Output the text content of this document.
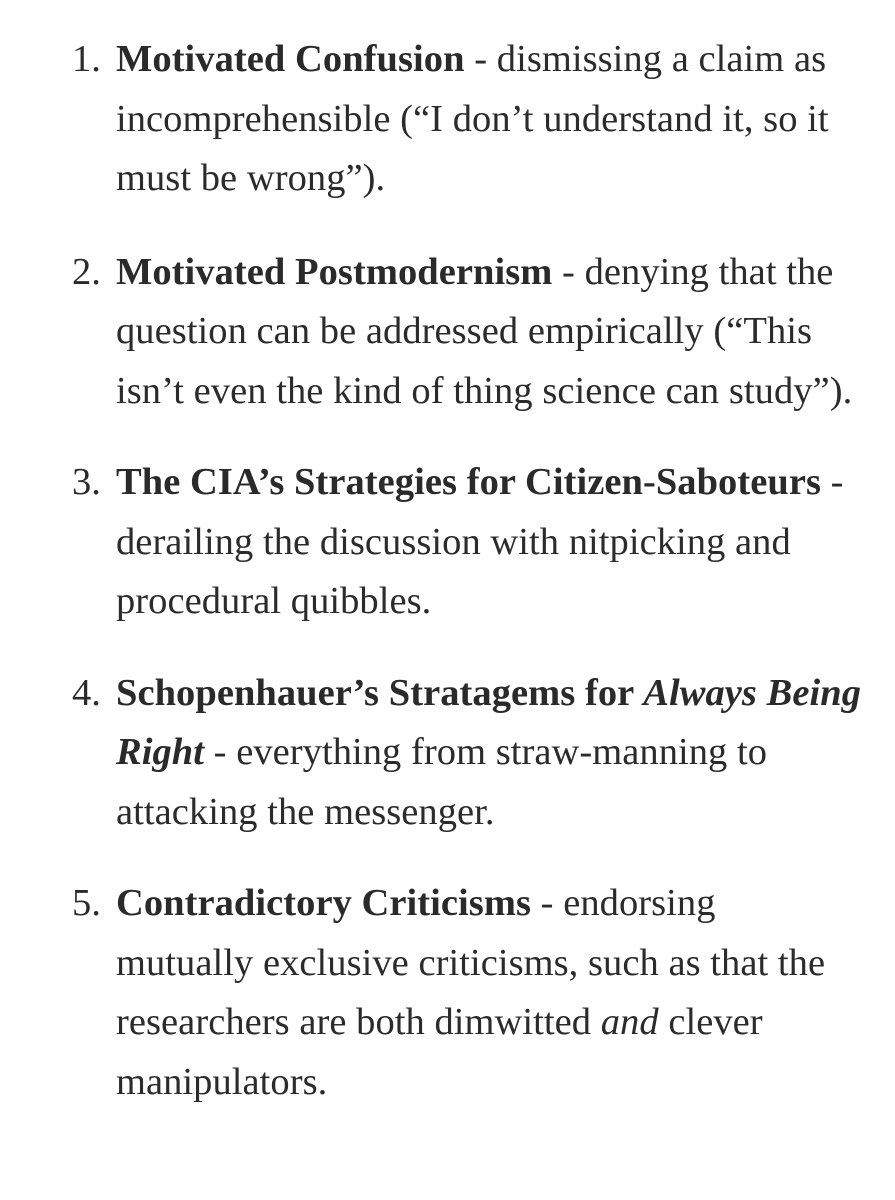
1. Motivated Confusion - dismissing a claim as incomprehensible (“I don’t understand it, so it must be wrong”).
2. Motivated Postmodernism - denying that the question can be addressed empirically (“This isn’t even the kind of thing science can study”).
3. The CIA’s Strategies for Citizen-Saboteurs - derailing the discussion with nitpicking and procedural quibbles.
4. Schopenhauer’s Stratagems for Always Being Right - everything from straw-manning to attacking the messenger.
5. Contradictory Criticisms - endorsing mutually exclusive criticisms, such as that the researchers are both dimwitted and clever manipulators.
